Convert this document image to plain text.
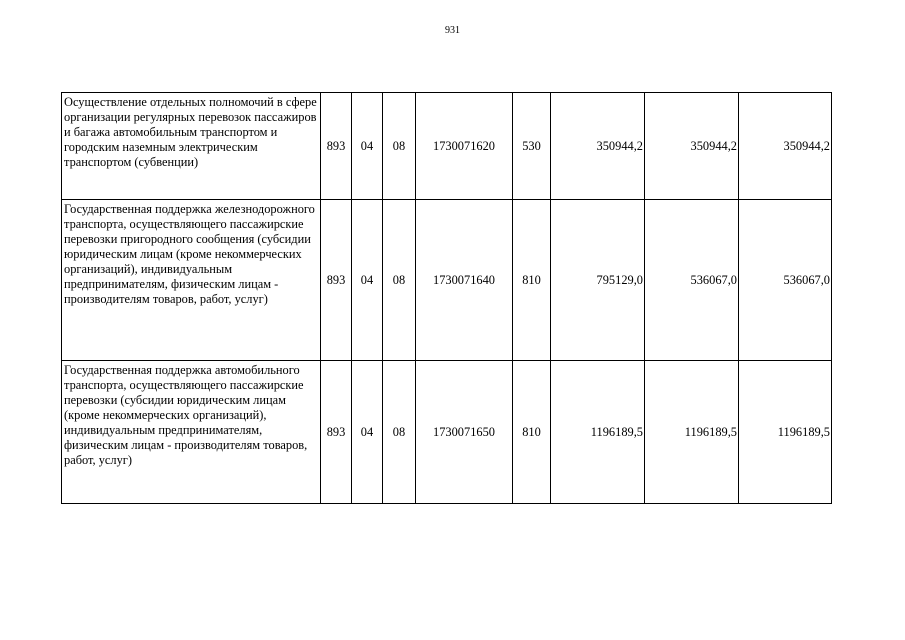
931
Осуществление отдельных полномочий в сфере организации регулярных перевозок пассажиров и багажа автомобильным транспортом и городским наземным электрическим транспортом (субвенции)	893	04	08	1730071620	530	350944,2	350944,2	350944,2
Государственная поддержка железнодорожного транспорта, осуществляющего пассажирские перевозки пригородного сообщения (субсидии юридическим лицам (кроме некоммерческих организаций), индивидуальным предпринимателям, физическим лицам - производителям товаров, работ, услуг)	893	04	08	1730071640	810	795129,0	536067,0	536067,0
Государственная поддержка автомобильного транспорта, осуществляющего пассажирские перевозки (субсидии юридическим лицам (кроме некоммерческих организаций), индивидуальным предпринимателям, физическим лицам - производителям товаров, работ, услуг)	893	04	08	1730071650	810	1196189,5	1196189,5	1196189,5
